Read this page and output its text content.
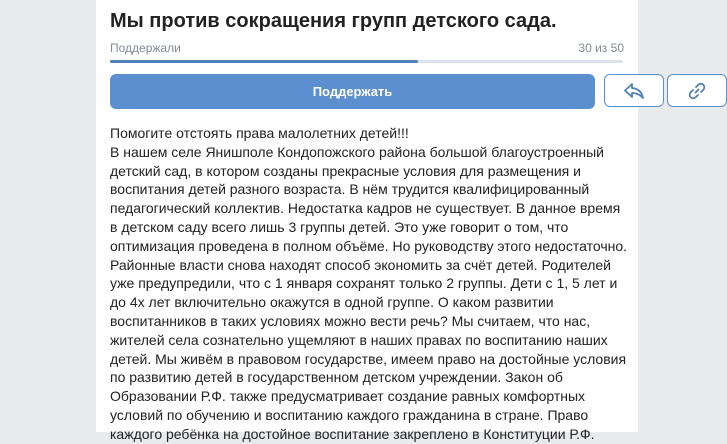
Мы против сокращения групп детского сада.
Поддержали	30 из 50
Поддержать

Помогите отстоять права малолетних детей!!!
В нашем селе Янишполе Кондопожского района большой благоустроенный детский сад, в котором созданы прекрасные условия для размещения и воспитания детей разного возраста. В нём трудится квалифицированный педагогический коллектив. Недостатка кадров не существует. В данное время в детском саду всего лишь 3 группы детей. Это уже говорит о том, что оптимизация проведена в полном объёме. Но руководству этого недостаточно. Районные власти снова находят способ экономить за счёт детей. Родителей уже предупредили, что с 1 января сохранят только 2 группы. Дети с 1, 5 лет и до 4х лет включительно окажутся в одной группе. О каком развитии воспитанников в таких условиях можно вести речь? Мы считаем, что нас, жителей села сознательно ущемляют в наших правах по воспитанию наших детей. Мы живём в правовом государстве, имеем право на достойные условия по развитию детей в государственном детском учреждении. Закон об Образовании Р.Ф. также предусматривает создание равных комфортных условий по обучению и воспитанию каждого гражданина в стране. Право каждого ребёнка на достойное воспитание закреплено в Конституции Р.Ф.
